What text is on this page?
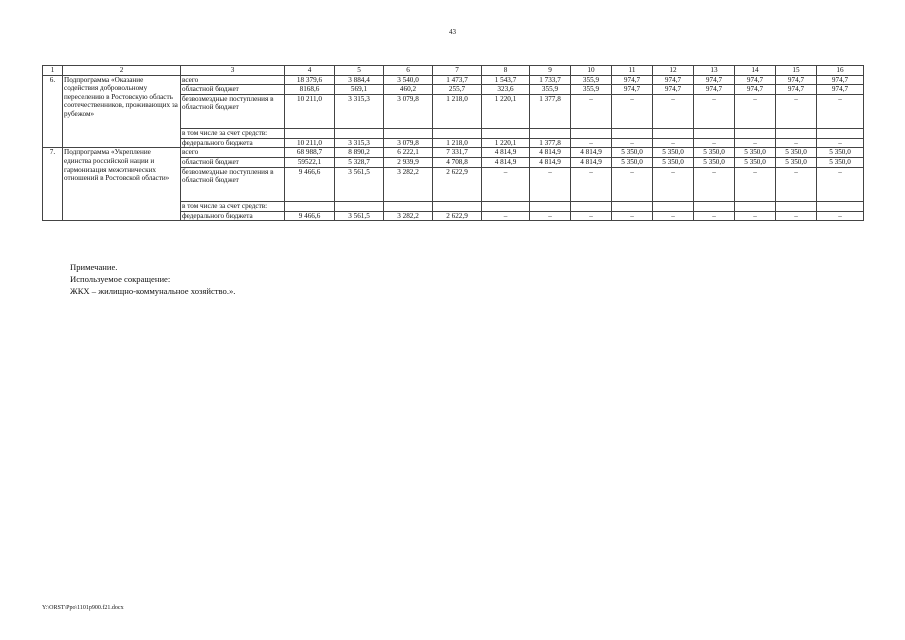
43
1	2	3	4	5	6	7	8	9	10	11	12	13	14	15	16
6.	Подпрограмма «Оказание содействия добровольному переселению в Ростовскую область соотечественников, проживающих за рубежом»	всего	18 379,6	3 884,4	3 540,0	1 473,7	1 543,7	1 733,7	355,9	974,7	974,7	974,7	974,7	974,7	974,7
		областной бюджет	8168,6	569,1	460,2	255,7	323,6	355,9	355,9	974,7	974,7	974,7	974,7	974,7	974,7
		безвозмездные поступления в областной бюджет	10 211,0	3 315,3	3 079,8	1 218,0	1 220,1	1 377,8	–	–	–	–	–	–	–
		в том числе за счет средств:													
		федерального бюджета	10 211,0	3 315,3	3 079,8	1 218,0	1 220,1	1 377,8	–	–	–	–	–	–	–
7.	Подпрограмма «Укрепление единства российской нации и гармонизация межэтнических отношений в Ростовской области»	всего	68 988,7	8 890,2	6 222,1	7 331,7	4 814,9	4 814,9	4 814,9	5 350,0	5 350,0	5 350,0	5 350,0	5 350,0	5 350,0
		областной бюджет	59522,1	5 328,7	2 939,9	4 708,8	4 814,9	4 814,9	4 814,9	5 350,0	5 350,0	5 350,0	5 350,0	5 350,0	5 350,0
		безвозмездные поступления в областной бюджет	9 466,6	3 561,5	3 282,2	2 622,9	–	–	–	–	–	–	–	–	–
		в том числе за счет средств:													
		федерального бюджета	9 466,6	3 561,5	3 282,2	2 622,9	–	–	–	–	–	–	–	–	–
Примечание.
Используемое сокращение:
ЖКХ – жилищно-коммунальное хозяйство.».
Y:\ORST\Ppo\1101p900.f21.docx
